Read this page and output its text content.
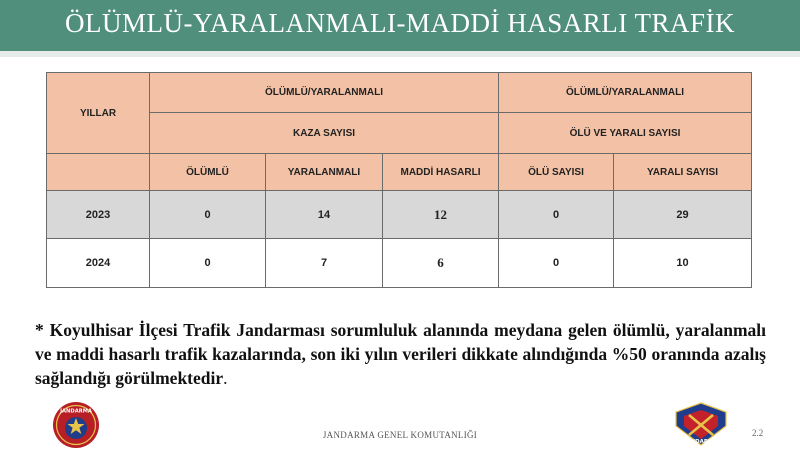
ÖLÜMLÜ-YARALANMALI-MADDİ HASARLI TRAFİK
YILLAR	ÖLÜMLÜ/YARALANMALI			ÖLÜMLÜ/YARALANMALI	
	KAZA SAYISI			ÖLÜ VE YARALI SAYISI	
	ÖLÜMLÜ	YARALANMALI	MADDİ HASARLI	ÖLÜ SAYISI	YARALI SAYISI
2023	0	14	12	0	29
2024	0	7	6	0	10

* Koyulhisar İlçesi Trafik Jandarması sorumluluk alanında meydana gelen ölümlü, yaralanmalı ve maddi hasarlı trafik kazalarında, son iki yılın verileri dikkate alındığında %50 oranında azalış sağlandığı görülmektedir.

JANDARMA
JANDARMA GENEL KOMUTANLIĞI	2.2
JANDARMA
